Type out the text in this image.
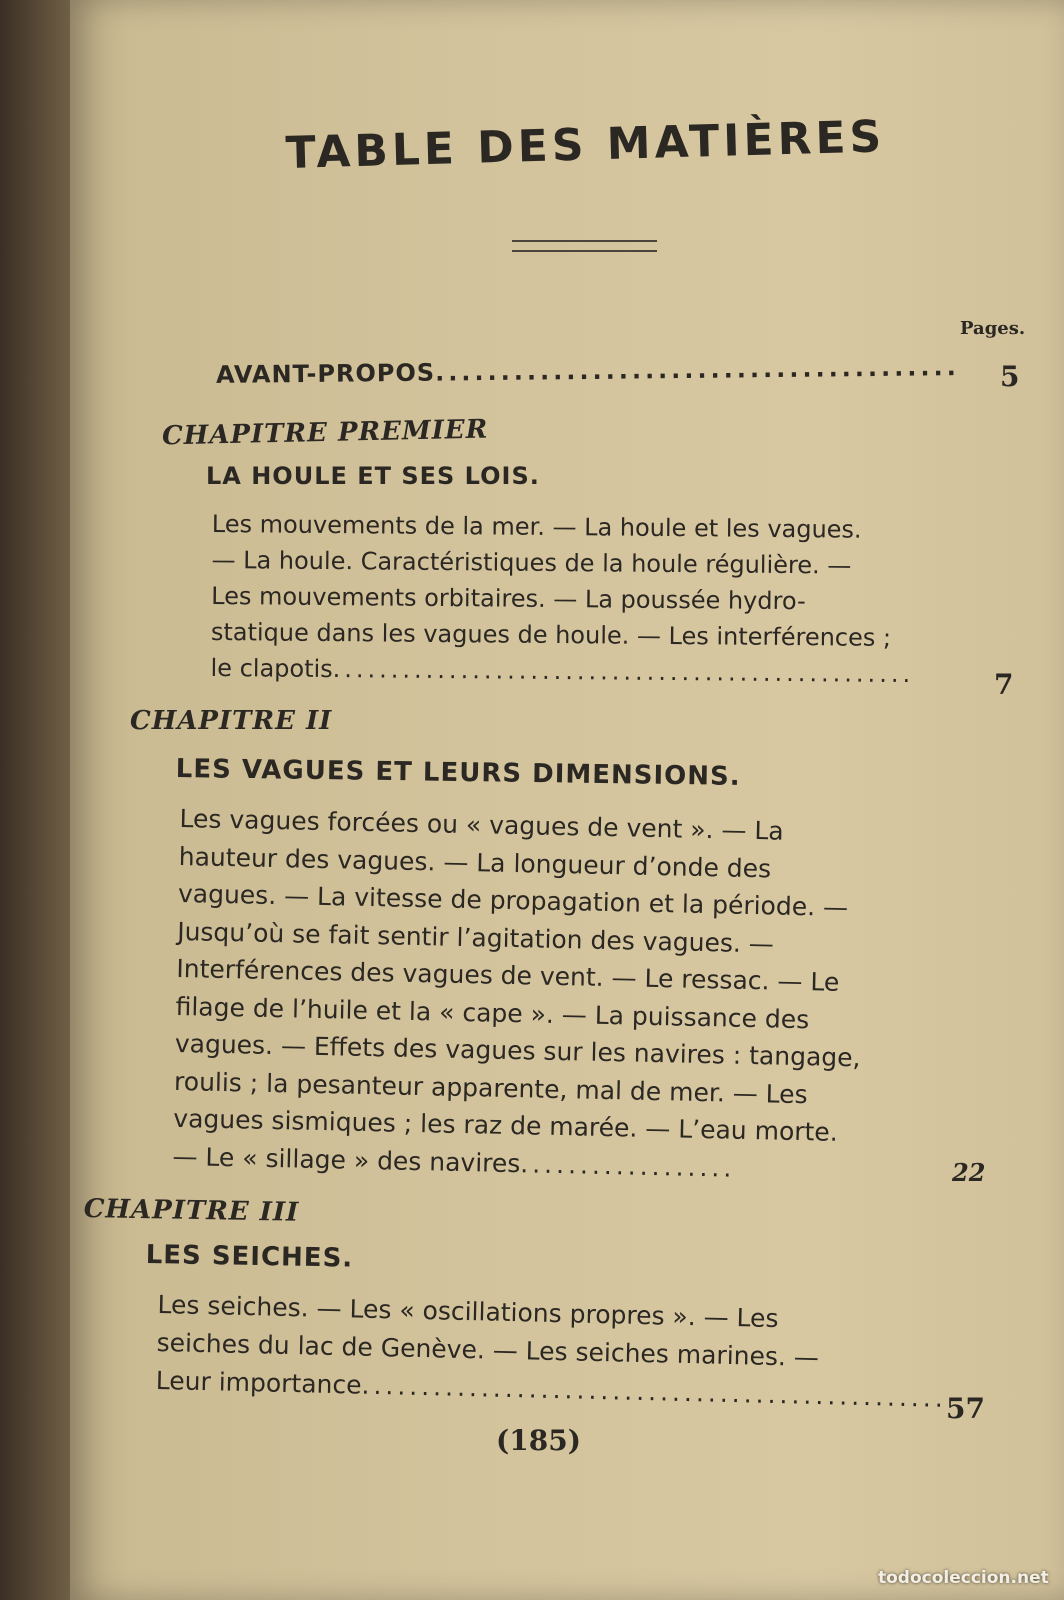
TABLE DES MATIÈRES
Pages.
AVANT-PROPOS........................................ 5
CHAPITRE PREMIER
LA HOULE ET SES LOIS.
Les mouvements de la mer. — La houle et les vagues.
— La houle. Caractéristiques de la houle régulière. —
Les mouvements orbitaires. — La poussée hydro-
statique dans les vagues de houle. — Les interférences ;
le clapotis..................................................	7
CHAPITRE II
LES VAGUES ET LEURS DIMENSIONS.
Les vagues forcées ou « vagues de vent ». — La
hauteur des vagues. — La longueur d’onde des
vagues. — La vitesse de propagation et la période. —
Jusqu’où se fait sentir l’agitation des vagues. —
Interférences des vagues de vent. — Le ressac. — Le
filage de l’huile et la « cape ». — La puissance des
vagues. — Effets des vagues sur les navires : tangage,
roulis ; la pesanteur apparente, mal de mer. — Les
vagues sismiques ; les raz de marée. — L’eau morte.
— Le « sillage » des navires..................	22
CHAPITRE III
LES SEICHES.
Les seiches. — Les « oscillations propres ». — Les
seiches du lac de Genève. — Les seiches marines. —
Leur importance.................................................
57
(185)
todocoleccion.net
